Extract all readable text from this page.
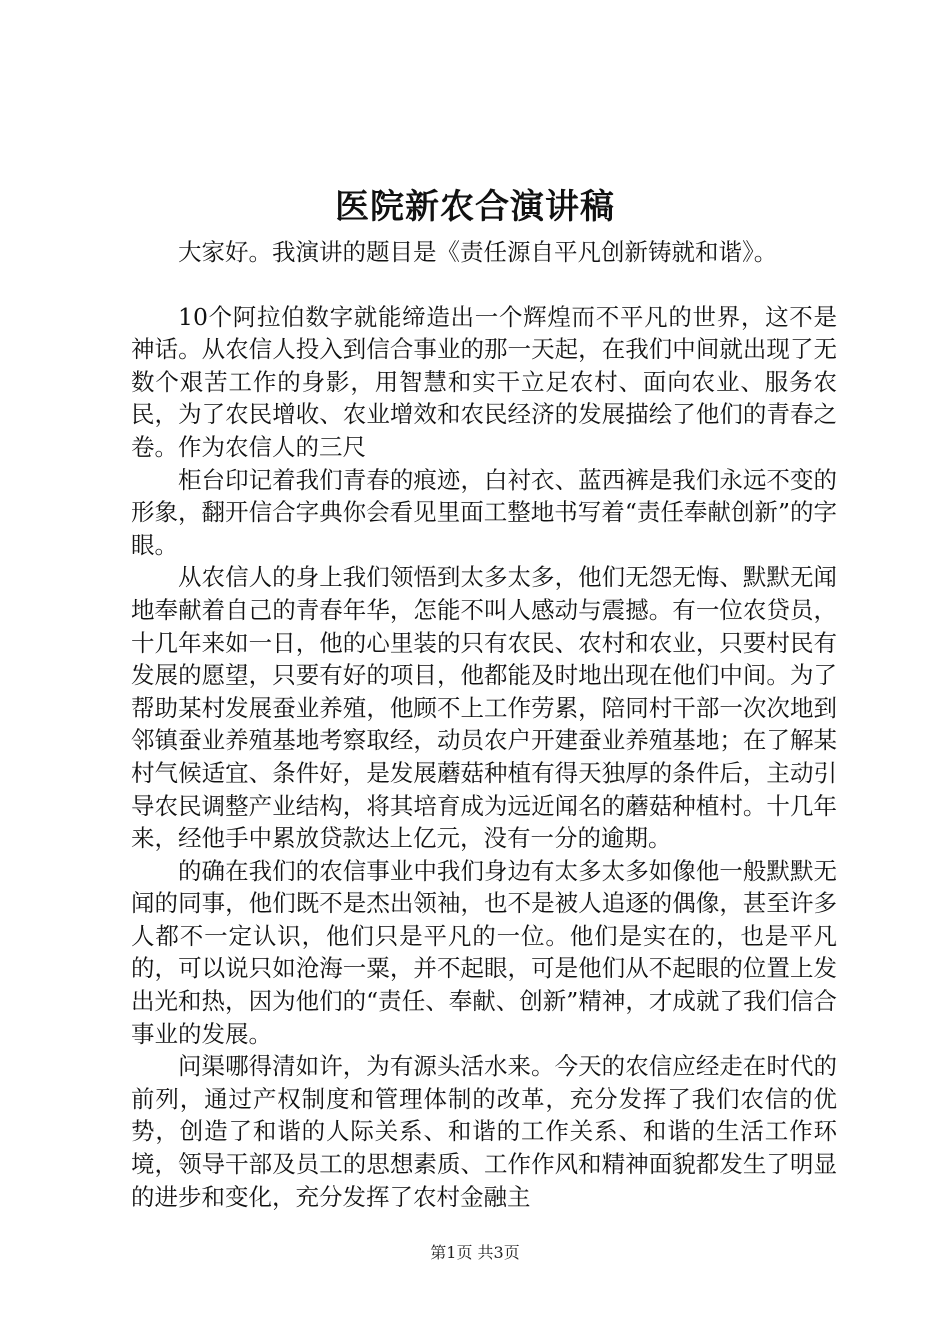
医院新农合演讲稿

大家好。我演讲的题目是《责任源自平凡创新铸就和谐》。

10个阿拉伯数字就能缔造出一个辉煌而不平凡的世界，这不是神话。从农信人投入到信合事业的那一天起，在我们中间就出现了无数个艰苦工作的身影，用智慧和实干立足农村、面向农业、服务农民，为了农民增收、农业增效和农民经济的发展描绘了他们的青春之卷。作为农信人的三尺

柜台印记着我们青春的痕迹，白衬衣、蓝西裤是我们永远不变的形象，翻开信合字典你会看见里面工整地书写着“责任奉献创新”的字眼。

从农信人的身上我们领悟到太多太多，他们无怨无悔、默默无闻地奉献着自己的青春年华，怎能不叫人感动与震撼。有一位农贷员，十几年来如一日，他的心里装的只有农民、农村和农业，只要村民有发展的愿望，只要有好的项目，他都能及时地出现在他们中间。为了帮助某村发展蚕业养殖，他顾不上工作劳累，陪同村干部一次次地到邻镇蚕业养殖基地考察取经，动员农户开建蚕业养殖基地；在了解某村气候适宜、条件好，是发展蘑菇种植有得天独厚的条件后，主动引导农民调整产业结构，将其培育成为远近闻名的蘑菇种植村。十几年来，经他手中累放贷款达上亿元，没有一分的逾期。

的确在我们的农信事业中我们身边有太多太多如像他一般默默无闻的同事，他们既不是杰出领袖，也不是被人追逐的偶像，甚至许多人都不一定认识，他们只是平凡的一位。他们是实在的，也是平凡的，可以说只如沧海一粟，并不起眼，可是他们从不起眼的位置上发出光和热，因为他们的“责任、奉献、创新”精神，才成就了我们信合事业的发展。

问渠哪得清如许，为有源头活水来。今天的农信应经走在时代的前列，通过产权制度和管理体制的改革，充分发挥了我们农信的优势，创造了和谐的人际关系、和谐的工作关系、和谐的生活工作环境，领导干部及员工的思想素质、工作作风和精神面貌都发生了明显的进步和变化，充分发挥了农村金融主

第1页 共3页
